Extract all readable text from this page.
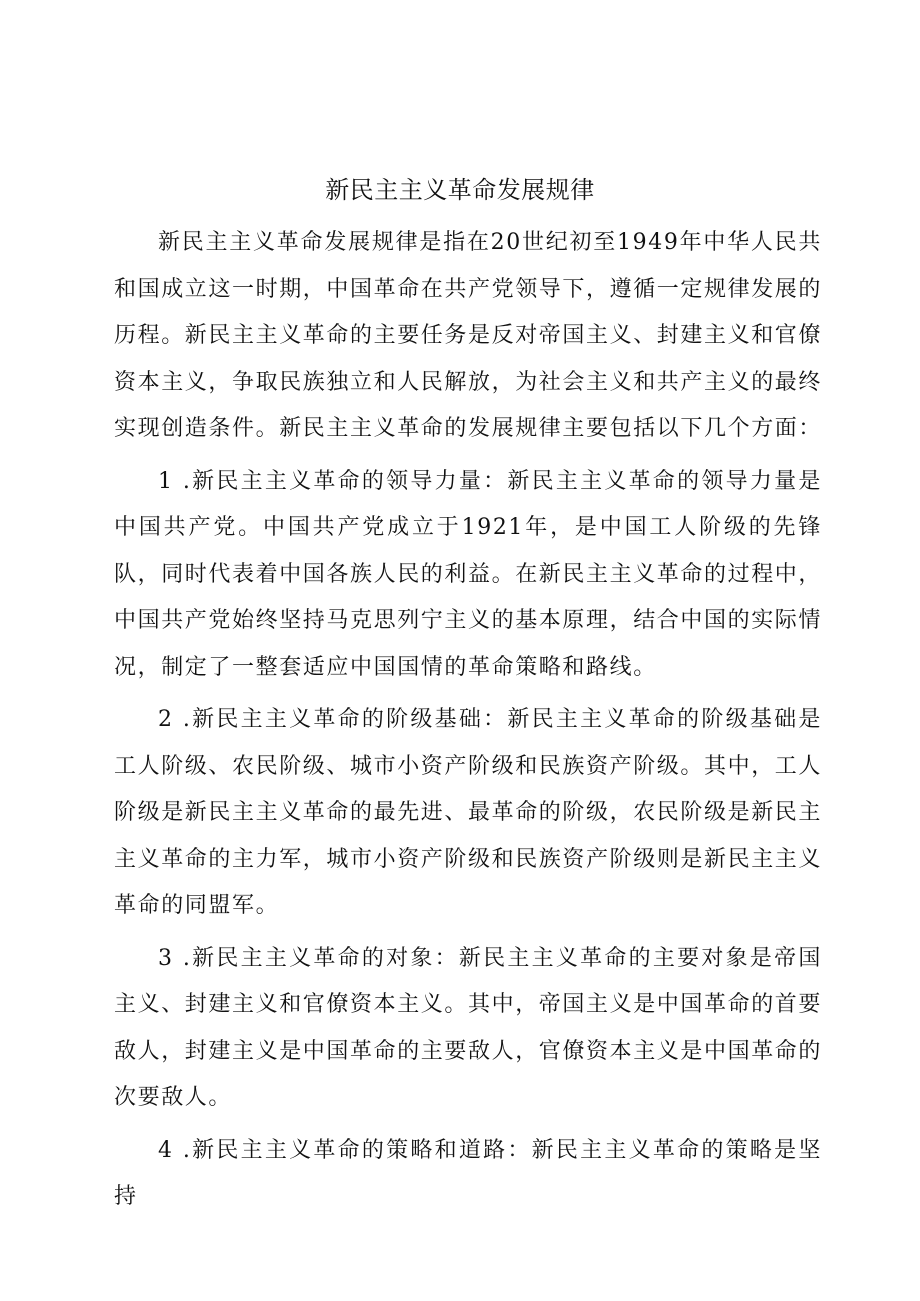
新民主主义革命发展规律

新民主主义革命发展规律是指在20世纪初至1949年中华人民共和国成立这一时期，中国革命在共产党领导下，遵循一定规律发展的历程。新民主主义革命的主要任务是反对帝国主义、封建主义和官僚资本主义，争取民族独立和人民解放，为社会主义和共产主义的最终实现创造条件。新民主主义革命的发展规律主要包括以下几个方面：

1 .新民主主义革命的领导力量：新民主主义革命的领导力量是中国共产党。中国共产党成立于1921年，是中国工人阶级的先锋队，同时代表着中国各族人民的利益。在新民主主义革命的过程中，中国共产党始终坚持马克思列宁主义的基本原理，结合中国的实际情况，制定了一整套适应中国国情的革命策略和路线。

2 .新民主主义革命的阶级基础：新民主主义革命的阶级基础是工人阶级、农民阶级、城市小资产阶级和民族资产阶级。其中，工人阶级是新民主主义革命的最先进、最革命的阶级，农民阶级是新民主主义革命的主力军，城市小资产阶级和民族资产阶级则是新民主主义革命的同盟军。

3 .新民主主义革命的对象：新民主主义革命的主要对象是帝国主义、封建主义和官僚资本主义。其中，帝国主义是中国革命的首要敌人，封建主义是中国革命的主要敌人，官僚资本主义是中国革命的次要敌人。

4 .新民主主义革命的策略和道路：新民主主义革命的策略是坚持
